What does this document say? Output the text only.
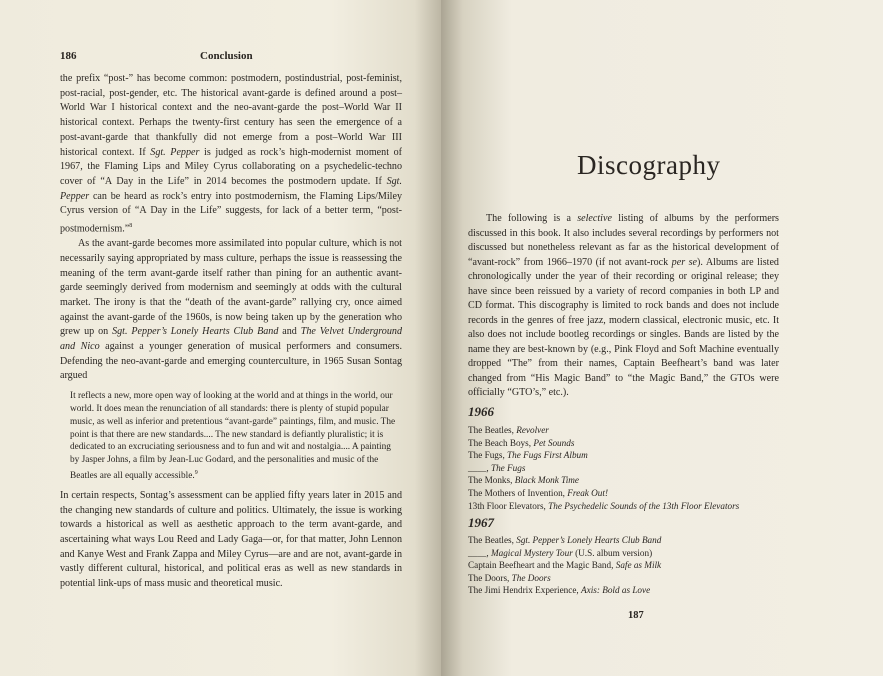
186	Conclusion

the prefix “post-” has become common: postmodern, postindustrial, post-feminist, post-racial, post-gender, etc. The historical avant-garde is defined around a post–World War I historical context and the neo-avant-garde the post–World War II historical context. Perhaps the twenty-first century has seen the emergence of a post-avant-garde that thankfully did not emerge from a post–World War III historical context. If Sgt. Pepper is judged as rock’s high-modernist moment of 1967, the Flaming Lips and Miley Cyrus collaborating on a psychedelic-techno cover of “A Day in the Life” in 2014 becomes the postmodern update. If Sgt. Pepper can be heard as rock’s entry into postmodernism, the Flaming Lips/Miley Cyrus version of “A Day in the Life” suggests, for lack of a better term, “post-postmodernism.”$^8$

As the avant-garde becomes more assimilated into popular culture, which is not necessarily saying appropriated by mass culture, perhaps the issue is reassessing the meaning of the term avant-garde itself rather than pining for an authentic avant-garde seemingly derived from modernism and seemingly at odds with the cultural market. The irony is that the “death of the avant-garde” rallying cry, once aimed against the avant-garde of the 1960s, is now being taken up by the generation who grew up on Sgt. Pepper’s Lonely Hearts Club Band and The Velvet Underground and Nico against a younger generation of musical performers and consumers. Defending the neo-avant-garde and emerging counterculture, in 1965 Susan Sontag argued

It reflects a new, more open way of looking at the world and at things in the world, our world. It does mean the renunciation of all standards: there is plenty of stupid popular music, as well as inferior and pretentious “avant-garde” paintings, film, and music. The point is that there are new standards.... The new standard is defiantly pluralistic; it is dedicated to an excruciating seriousness and to fun and wit and nostalgia.... A painting by Jasper Johns, a film by Jean-Luc Godard, and the personalities and music of the Beatles are all equally accessible.$^9$

In certain respects, Sontag’s assessment can be applied fifty years later in 2015 and the changing new standards of culture and politics. Ultimately, the issue is working towards a historical as well as aesthetic approach to the term avant-garde, and ascertaining what ways Lou Reed and Lady Gaga—or, for that matter, John Lennon and Kanye West and Frank Zappa and Miley Cyrus—are and are not, avant-garde in vastly different cultural, historical, and political eras as well as new standards in potential link-ups of mass music and theoretical music.

Discography

The following is a selective listing of albums by the performers discussed in this book. It also includes several recordings by performers not discussed but nonetheless relevant as far as the historical development of “avant-rock” from 1966–1970 (if not avant-rock per se). Albums are listed chronologically under the year of their recording or original release; they have since been reissued by a variety of record companies in both LP and CD format. This discography is limited to rock bands and does not include records in the genres of free jazz, modern classical, electronic music, etc. It also does not include bootleg recordings or singles. Bands are listed by the name they are best-known by (e.g., Pink Floyd and Soft Machine eventually dropped “The” from their names, Captain Beefheart’s band was later changed from “His Magic Band” to “the Magic Band,” the GTOs were officially “GTO’s,” etc.).

1966
The Beatles, Revolver
The Beach Boys, Pet Sounds
The Fugs, The Fugs First Album
____, The Fugs
The Monks, Black Monk Time
The Mothers of Invention, Freak Out!
13th Floor Elevators, The Psychedelic Sounds of the 13th Floor Elevators
1967
The Beatles, Sgt. Pepper’s Lonely Hearts Club Band
____, Magical Mystery Tour (U.S. album version)
Captain Beefheart and the Magic Band, Safe as Milk
The Doors, The Doors
The Jimi Hendrix Experience, Axis: Bold as Love
187
